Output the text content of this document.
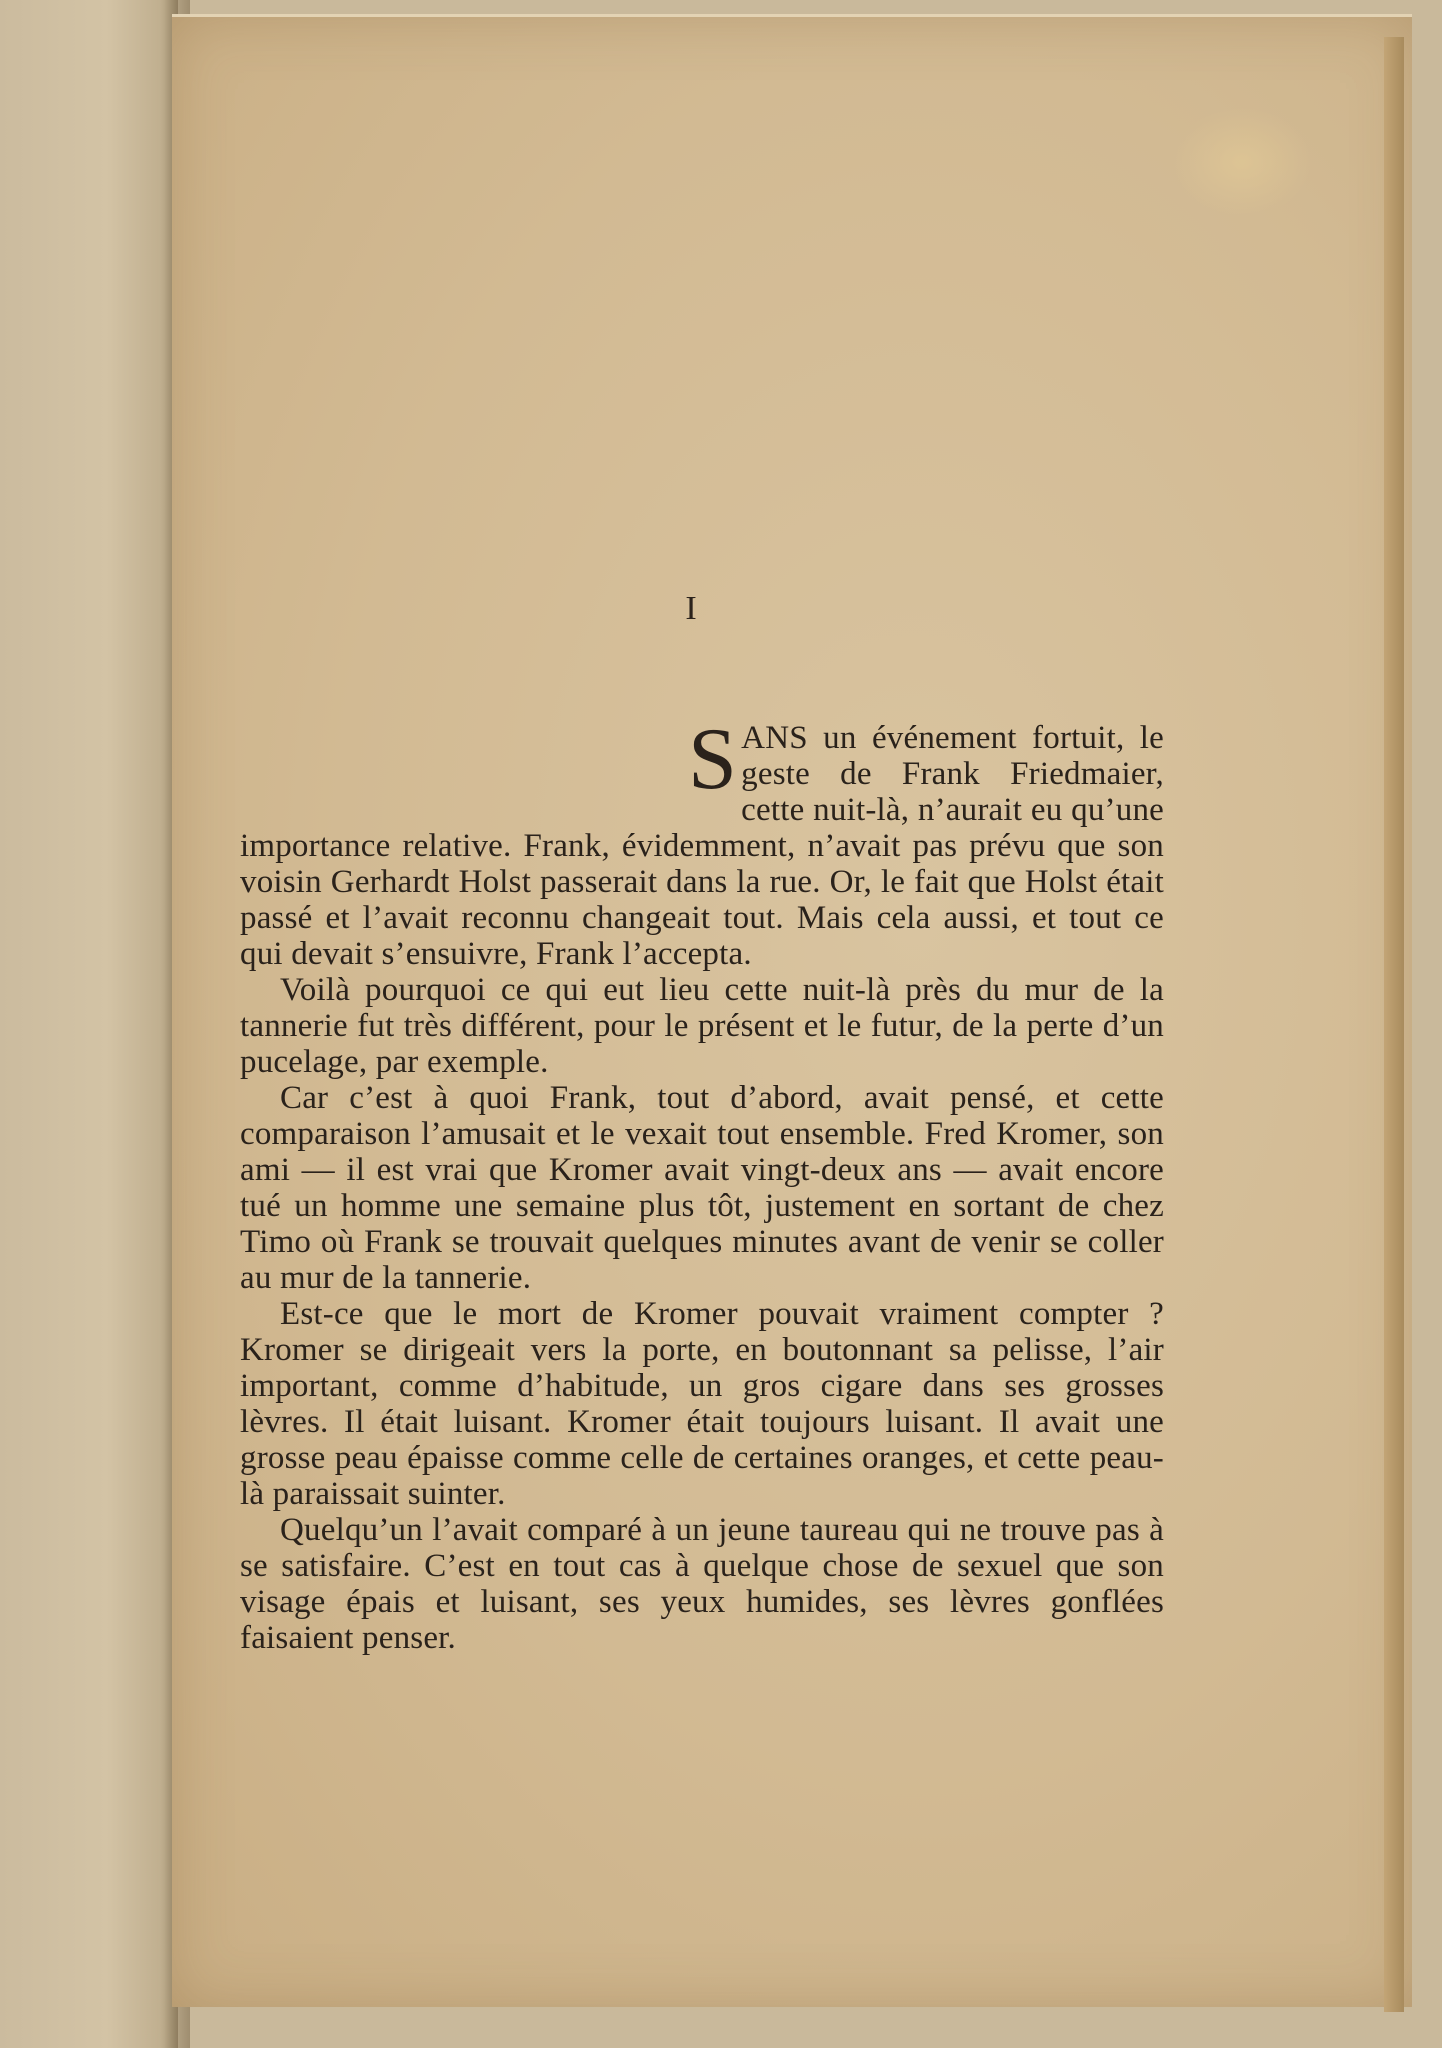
I

SANS un événement fortuit, le geste de Frank Friedmaier, cette nuit-là, n’aurait eu qu’une importance relative. Frank, évidemment, n’avait pas prévu que son voisin Gerhardt Holst passerait dans la rue. Or, le fait que Holst était passé et l’avait reconnu changeait tout. Mais cela aussi, et tout ce qui devait s’ensuivre, Frank l’accepta.

Voilà pourquoi ce qui eut lieu cette nuit-là près du mur de la tannerie fut très différent, pour le présent et le futur, de la perte d’un pucelage, par exemple.

Car c’est à quoi Frank, tout d’abord, avait pensé, et cette comparaison l’amusait et le vexait tout ensemble. Fred Kromer, son ami — il est vrai que Kromer avait vingt-deux ans — avait encore tué un homme une semaine plus tôt, justement en sortant de chez Timo où Frank se trouvait quelques minutes avant de venir se coller au mur de la tannerie.

Est-ce que le mort de Kromer pouvait vraiment compter ? Kromer se dirigeait vers la porte, en boutonnant sa pelisse, l’air important, comme d’habitude, un gros cigare dans ses grosses lèvres. Il était luisant. Kromer était toujours luisant. Il avait une grosse peau épaisse comme celle de certaines oranges, et cette peau-là paraissait suinter.

Quelqu’un l’avait comparé à un jeune taureau qui ne trouve pas à se satisfaire. C’est en tout cas à quelque chose de sexuel que son visage épais et luisant, ses yeux humides, ses lèvres gonflées faisaient penser.
